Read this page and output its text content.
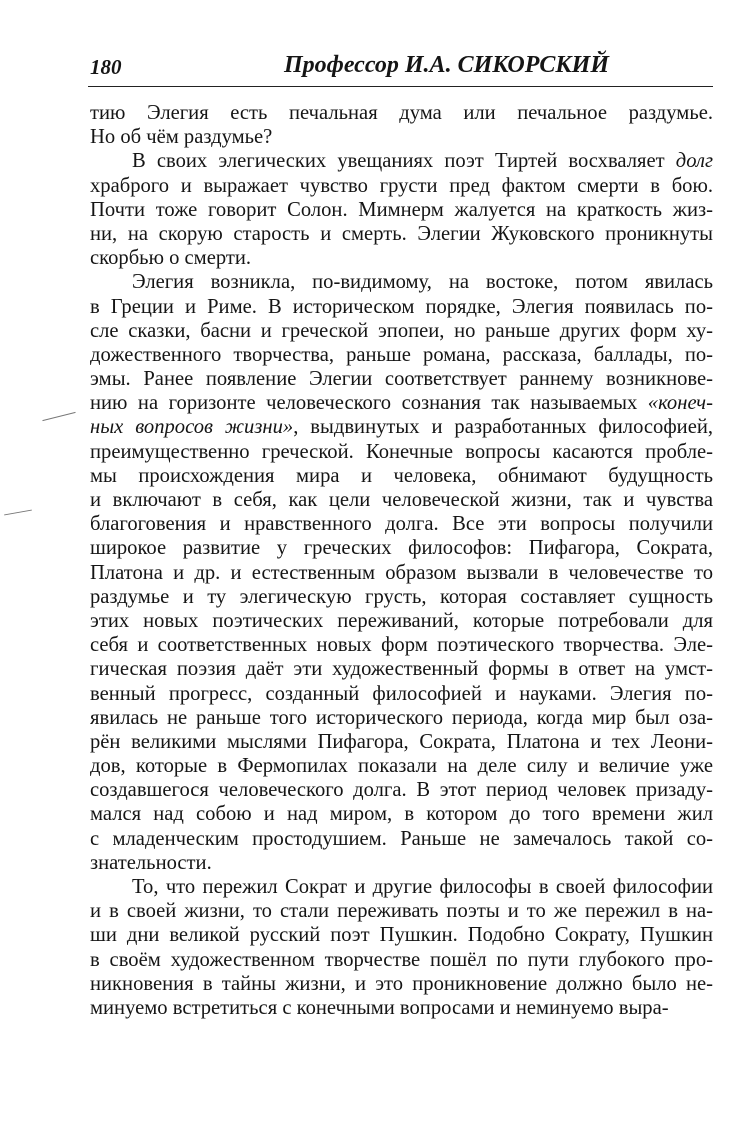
180	Профессор И.А. СИКОРСКИЙ
тию Элегия есть печальная дума или печальное раздумье.
Но об чём раздумье?
В своих элегических увещаниях поэт Тиртей восхваляет долг
храброго и выражает чувство грусти пред фактом смерти в бою.
Почти тоже говорит Солон. Мимнерм жалуется на краткость жиз-
ни, на скорую старость и смерть. Элегии Жуковского проникнуты
скорбью о смерти.
Элегия возникла, по-видимому, на востоке, потом явилась
в Греции и Риме. В историческом порядке, Элегия появилась по-
сле сказки, басни и греческой эпопеи, но раньше других форм ху-
дожественного творчества, раньше романа, рассказа, баллады, по-
эмы. Ранее появление Элегии соответствует раннему возникнове-
нию на горизонте человеческого сознания так называемых «конеч-
ных вопросов жизни», выдвинутых и разработанных философией,
преимущественно греческой. Конечные вопросы касаются пробле-
мы происхождения мира и человека, обнимают будущность
и включают в себя, как цели человеческой жизни, так и чувства
благоговения и нравственного долга. Все эти вопросы получили
широкое развитие у греческих философов: Пифагора, Сократа,
Платона и др. и естественным образом вызвали в человечестве то
раздумье и ту элегическую грусть, которая составляет сущность
этих новых поэтических переживаний, которые потребовали для
себя и соответственных новых форм поэтического творчества. Эле-
гическая поэзия даёт эти художественный формы в ответ на умст-
венный прогресс, созданный философией и науками. Элегия по-
явилась не раньше того исторического периода, когда мир был оза-
рён великими мыслями Пифагора, Сократа, Платона и тех Леони-
дов, которые в Фермопилах показали на деле силу и величие уже
создавшегося человеческого долга. В этот период человек призаду-
мался над собою и над миром, в котором до того времени жил
с младенческим простодушием. Раньше не замечалось такой со-
знательности.
То, что пережил Сократ и другие философы в своей философии
и в своей жизни, то стали переживать поэты и то же пережил в на-
ши дни великой русский поэт Пушкин. Подобно Сократу, Пушкин
в своём художественном творчестве пошёл по пути глубокого про-
никновения в тайны жизни, и это проникновение должно было не-
минуемо встретиться с конечными вопросами и неминуемо выра-
